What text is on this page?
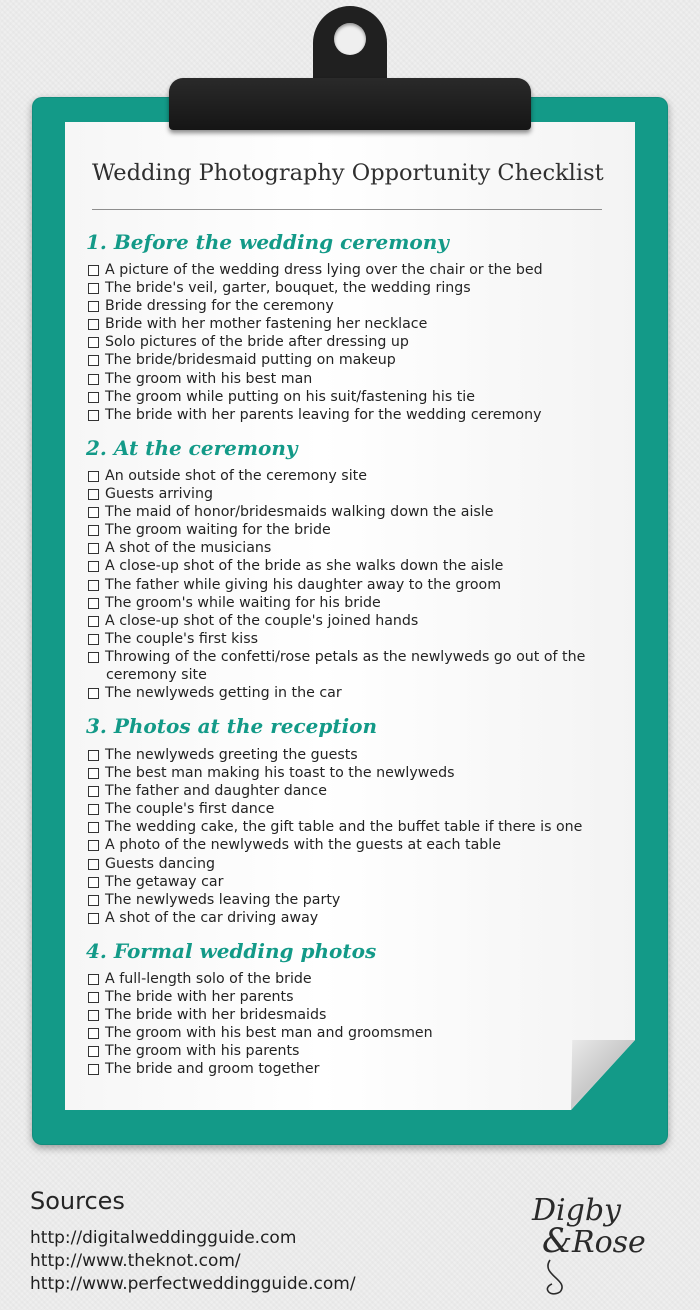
Wedding Photography Opportunity Checklist
1. Before the wedding ceremony
A picture of the wedding dress lying over the chair or the bed
The bride's veil, garter, bouquet, the wedding rings
Bride dressing for the ceremony
Bride with her mother fastening her necklace
Solo pictures of the bride after dressing up
The bride/bridesmaid putting on makeup
The groom with his best man
The groom while putting on his suit/fastening his tie
The bride with her parents leaving for the wedding ceremony
2. At the ceremony
An outside shot of the ceremony site
Guests arriving
The maid of honor/bridesmaids walking down the aisle
The groom waiting for the bride
A shot of the musicians
A close-up shot of the bride as she walks down the aisle
The father while giving his daughter away to the groom
The groom's while waiting for his bride
A close-up shot of the couple's joined hands
The couple's first kiss
Throwing of the confetti/rose petals as the newlyweds go out of the
ceremony site
The newlyweds getting in the car
3. Photos at the reception
The newlyweds greeting the guests
The best man making his toast to the newlyweds
The father and daughter dance
The couple's first dance
The wedding cake, the gift table and the buffet table if there is one
A photo of the newlyweds with the guests at each table
Guests dancing
The getaway car
The newlyweds leaving the party
A shot of the car driving away
4. Formal wedding photos
A full-length solo of the bride
The bride with her parents
The bride with her bridesmaids
The groom with his best man and groomsmen
The groom with his parents
The bride and groom together
Sources
http://digitalweddingguide.com
http://www.theknot.com/
http://www.perfectweddingguide.com/
Digby
& Rose
